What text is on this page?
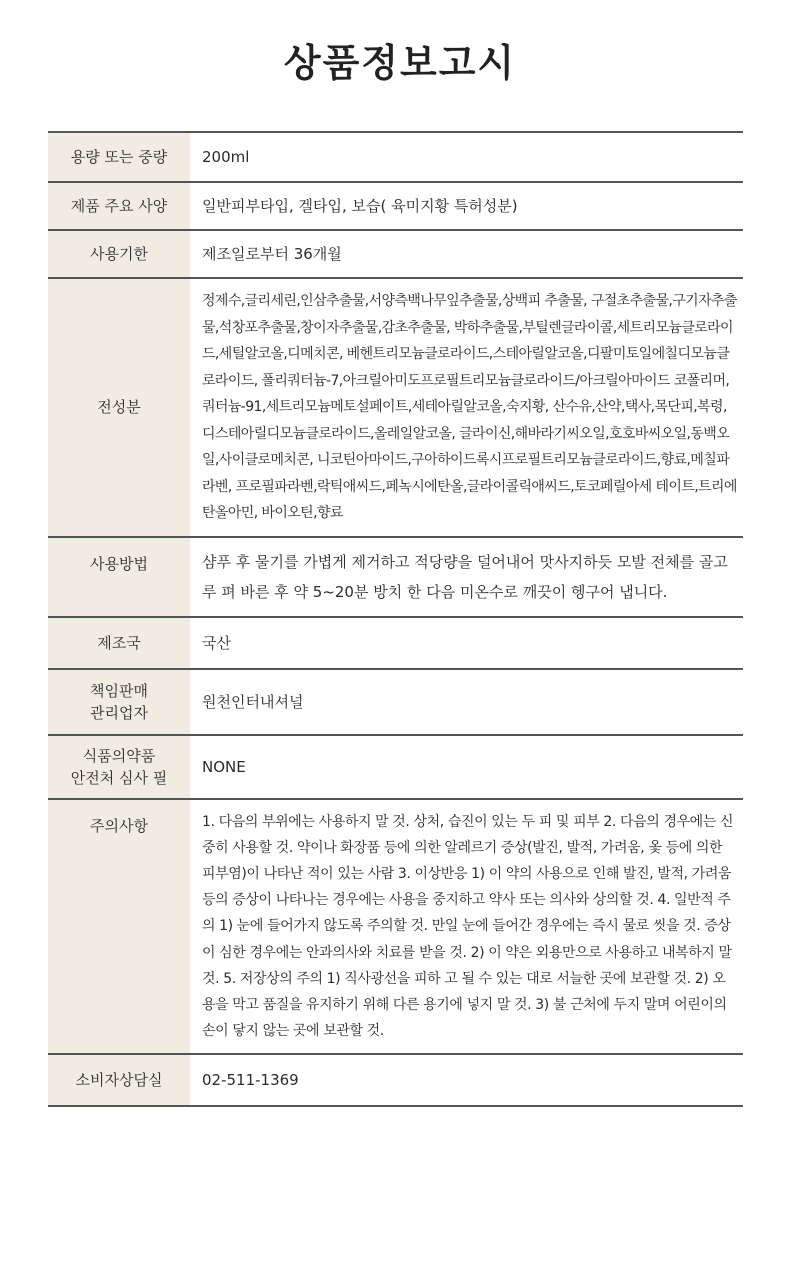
상품정보고시
용량 또는 중량	200ml
제품 주요 사양	일반피부타입, 겔타입, 보습( 육미지황 특허성분)
사용기한	제조일로부터 36개월
전성분	정제수,글리세린,인삼추출물,서양측백나무잎추출물,상백피 추출물, 구절초추출물,구기자추출물,석창포추출물,창이자추출물,감초추출물, 박하추출물,부틸렌글라이콜,세트리모늄클로라이드,세틸알코올,디메치콘, 베헨트리모늄클로라이드,스테아릴알코올,디팔미토일에칠디모늄클로라이드, 폴리쿼터늄-7,아크릴아미도프로필트리모늄클로라이드/아크릴아마이드 코폴리머,쿼터늄-91,세트리모늄메토설페이트,세테아릴알코올,숙지황, 산수유,산약,택사,목단피,복령,디스테아릴디모늄클로라이드,올레일알코올, 글라이신,해바라기씨오일,호호바씨오일,동백오일,사이클로메치콘, 니코틴아마이드,구아하이드록시프로필트리모늄클로라이드,향료,메칠파라벤, 프로필파라벤,락틱애씨드,페녹시에탄올,글라이콜릭애씨드,토코페릴아세 테이트,트리에탄올아민, 바이오틴,향료
사용방법	샴푸 후 물기를 가볍게 제거하고 적당량을 덜어내어 맛사지하듯 모발 전체를 골고루 펴 바른 후 약 5~20분 방치 한 다음 미온수로 깨끗이 헹구어 냅니다.
제조국	국산

책임판매
관리업자	원천인터내셔널

식품의약품
안전처 심사 필	NONE
주의사항	1. 다음의 부위에는 사용하지 말 것. 상처, 습진이 있는 두 피 및 피부 2. 다음의 경우에는 신중히 사용할 것. 약이나 화장품 등에 의한 알레르기 증상(발진, 발적, 가려움, 옻 등에 의한 피부염)이 나타난 적이 있는 사람 3. 이상반응 1) 이 약의 사용으로 인해 발진, 발적, 가려움 등의 증상이 나타나는 경우에는 사용을 중지하고 약사 또는 의사와 상의할 것. 4. 일반적 주의 1) 눈에 들어가지 않도록 주의할 것. 만일 눈에 들어간 경우에는 즉시 물로 씻을 것. 증상이 심한 경우에는 안과의사와 치료를 받을 것. 2) 이 약은 외용만으로 사용하고 내복하지 말 것. 5. 저장상의 주의 1) 직사광선을 피하 고 될 수 있는 대로 서늘한 곳에 보관할 것. 2) 오용을 막고 품질을 유지하기 위해 다른 용기에 넣지 말 것. 3) 불 근처에 두지 말며 어린이의 손이 닿지 않는 곳에 보관할 것.
소비자상담실	02-511-1369
